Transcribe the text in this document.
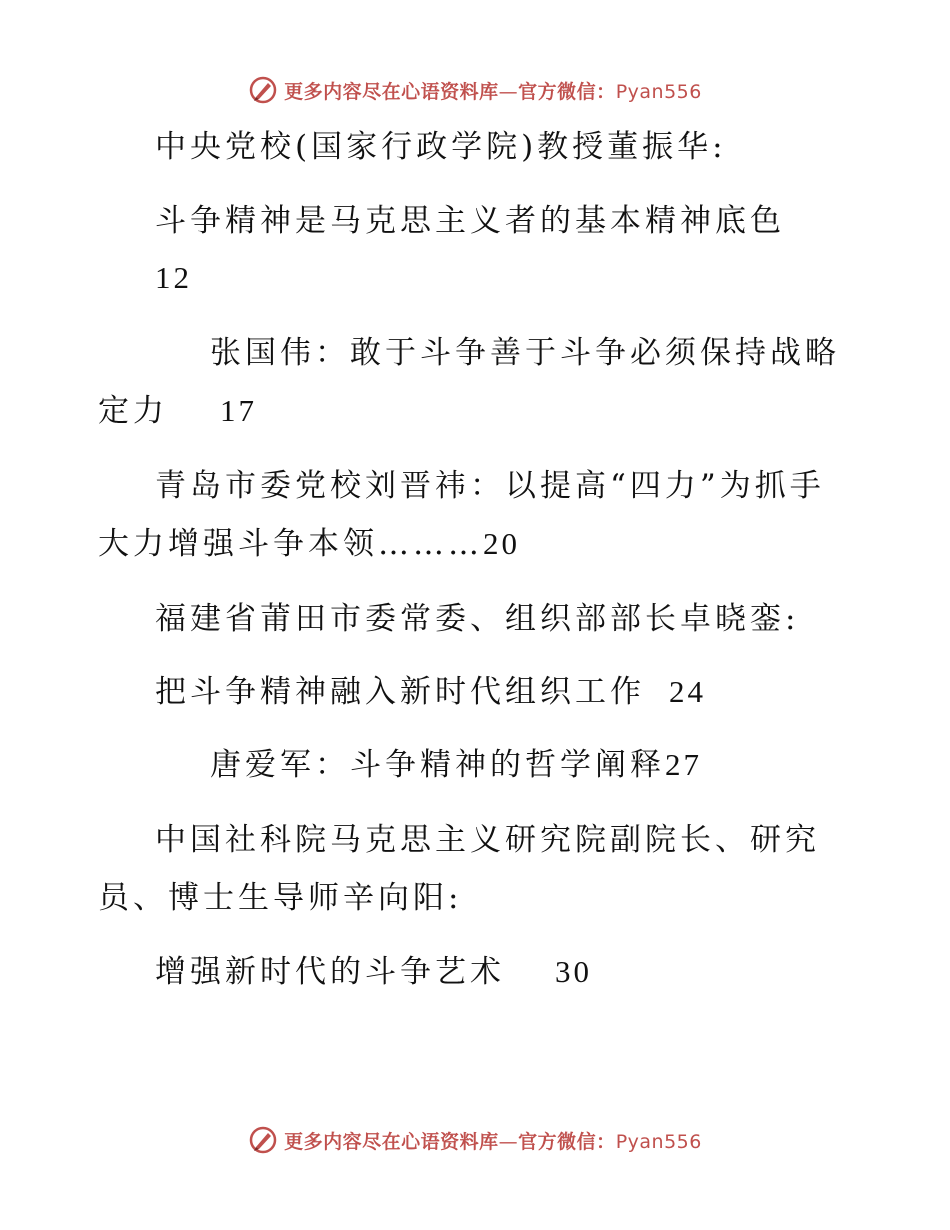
更多内容尽在心语资料库—官方微信：Pyan556
中央党校(国家行政学院)教授董振华:
斗争精神是马克思主义者的基本精神底色
12
张国伟：敢于斗争善于斗争必须保持战略
定力 17
青岛市委党校刘晋祎：以提高“四力”为抓手
大力增强斗争本领………20
福建省莆田市委常委、组织部部长卓晓銮:
把斗争精神融入新时代组织工作 24
唐爱军：斗争精神的哲学阐释27
中国社科院马克思主义研究院副院长、研究
员、博士生导师辛向阳:
增强新时代的斗争艺术 30
更多内容尽在心语资料库—官方微信：Pyan556
